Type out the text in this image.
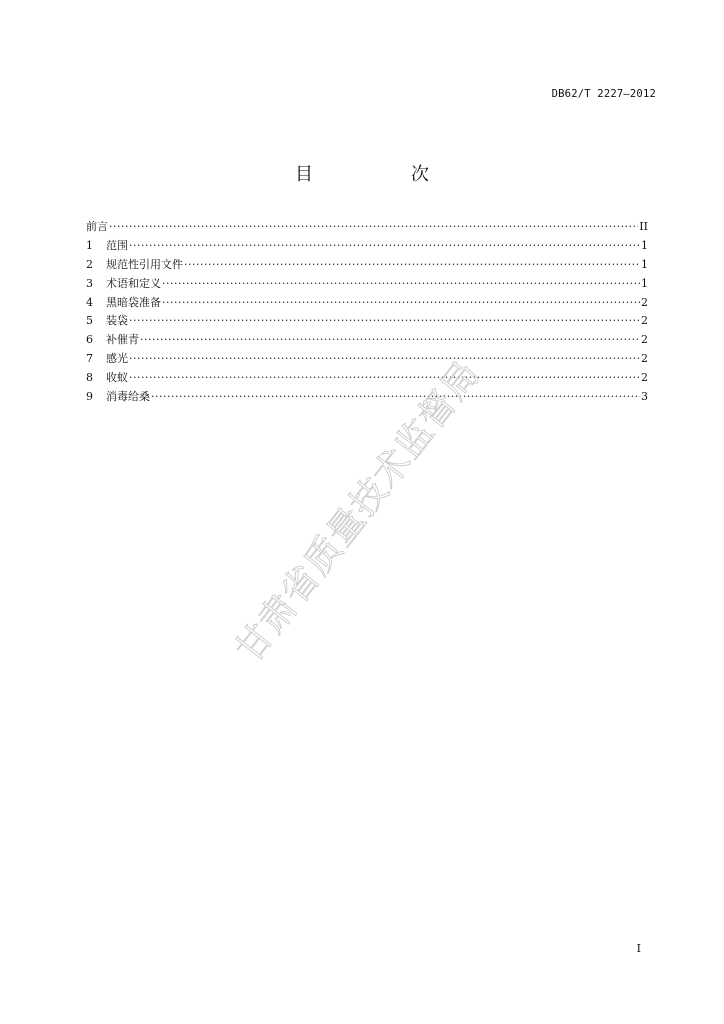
DB62/T 2227—2012
目　次
前言 ·····	II
1	范围 ·····	1
2	规范性引用文件 ·····	1
3	术语和定义 ·····	1
4	黑暗袋准备 ·····	2
5	装袋 ·····	2
6	补催青 ·····	2
7	感光 ·····	2
8	收蚁 ·····	2
9	消毒给桑 ·····	3
甘肃省质量技术监督局
I
